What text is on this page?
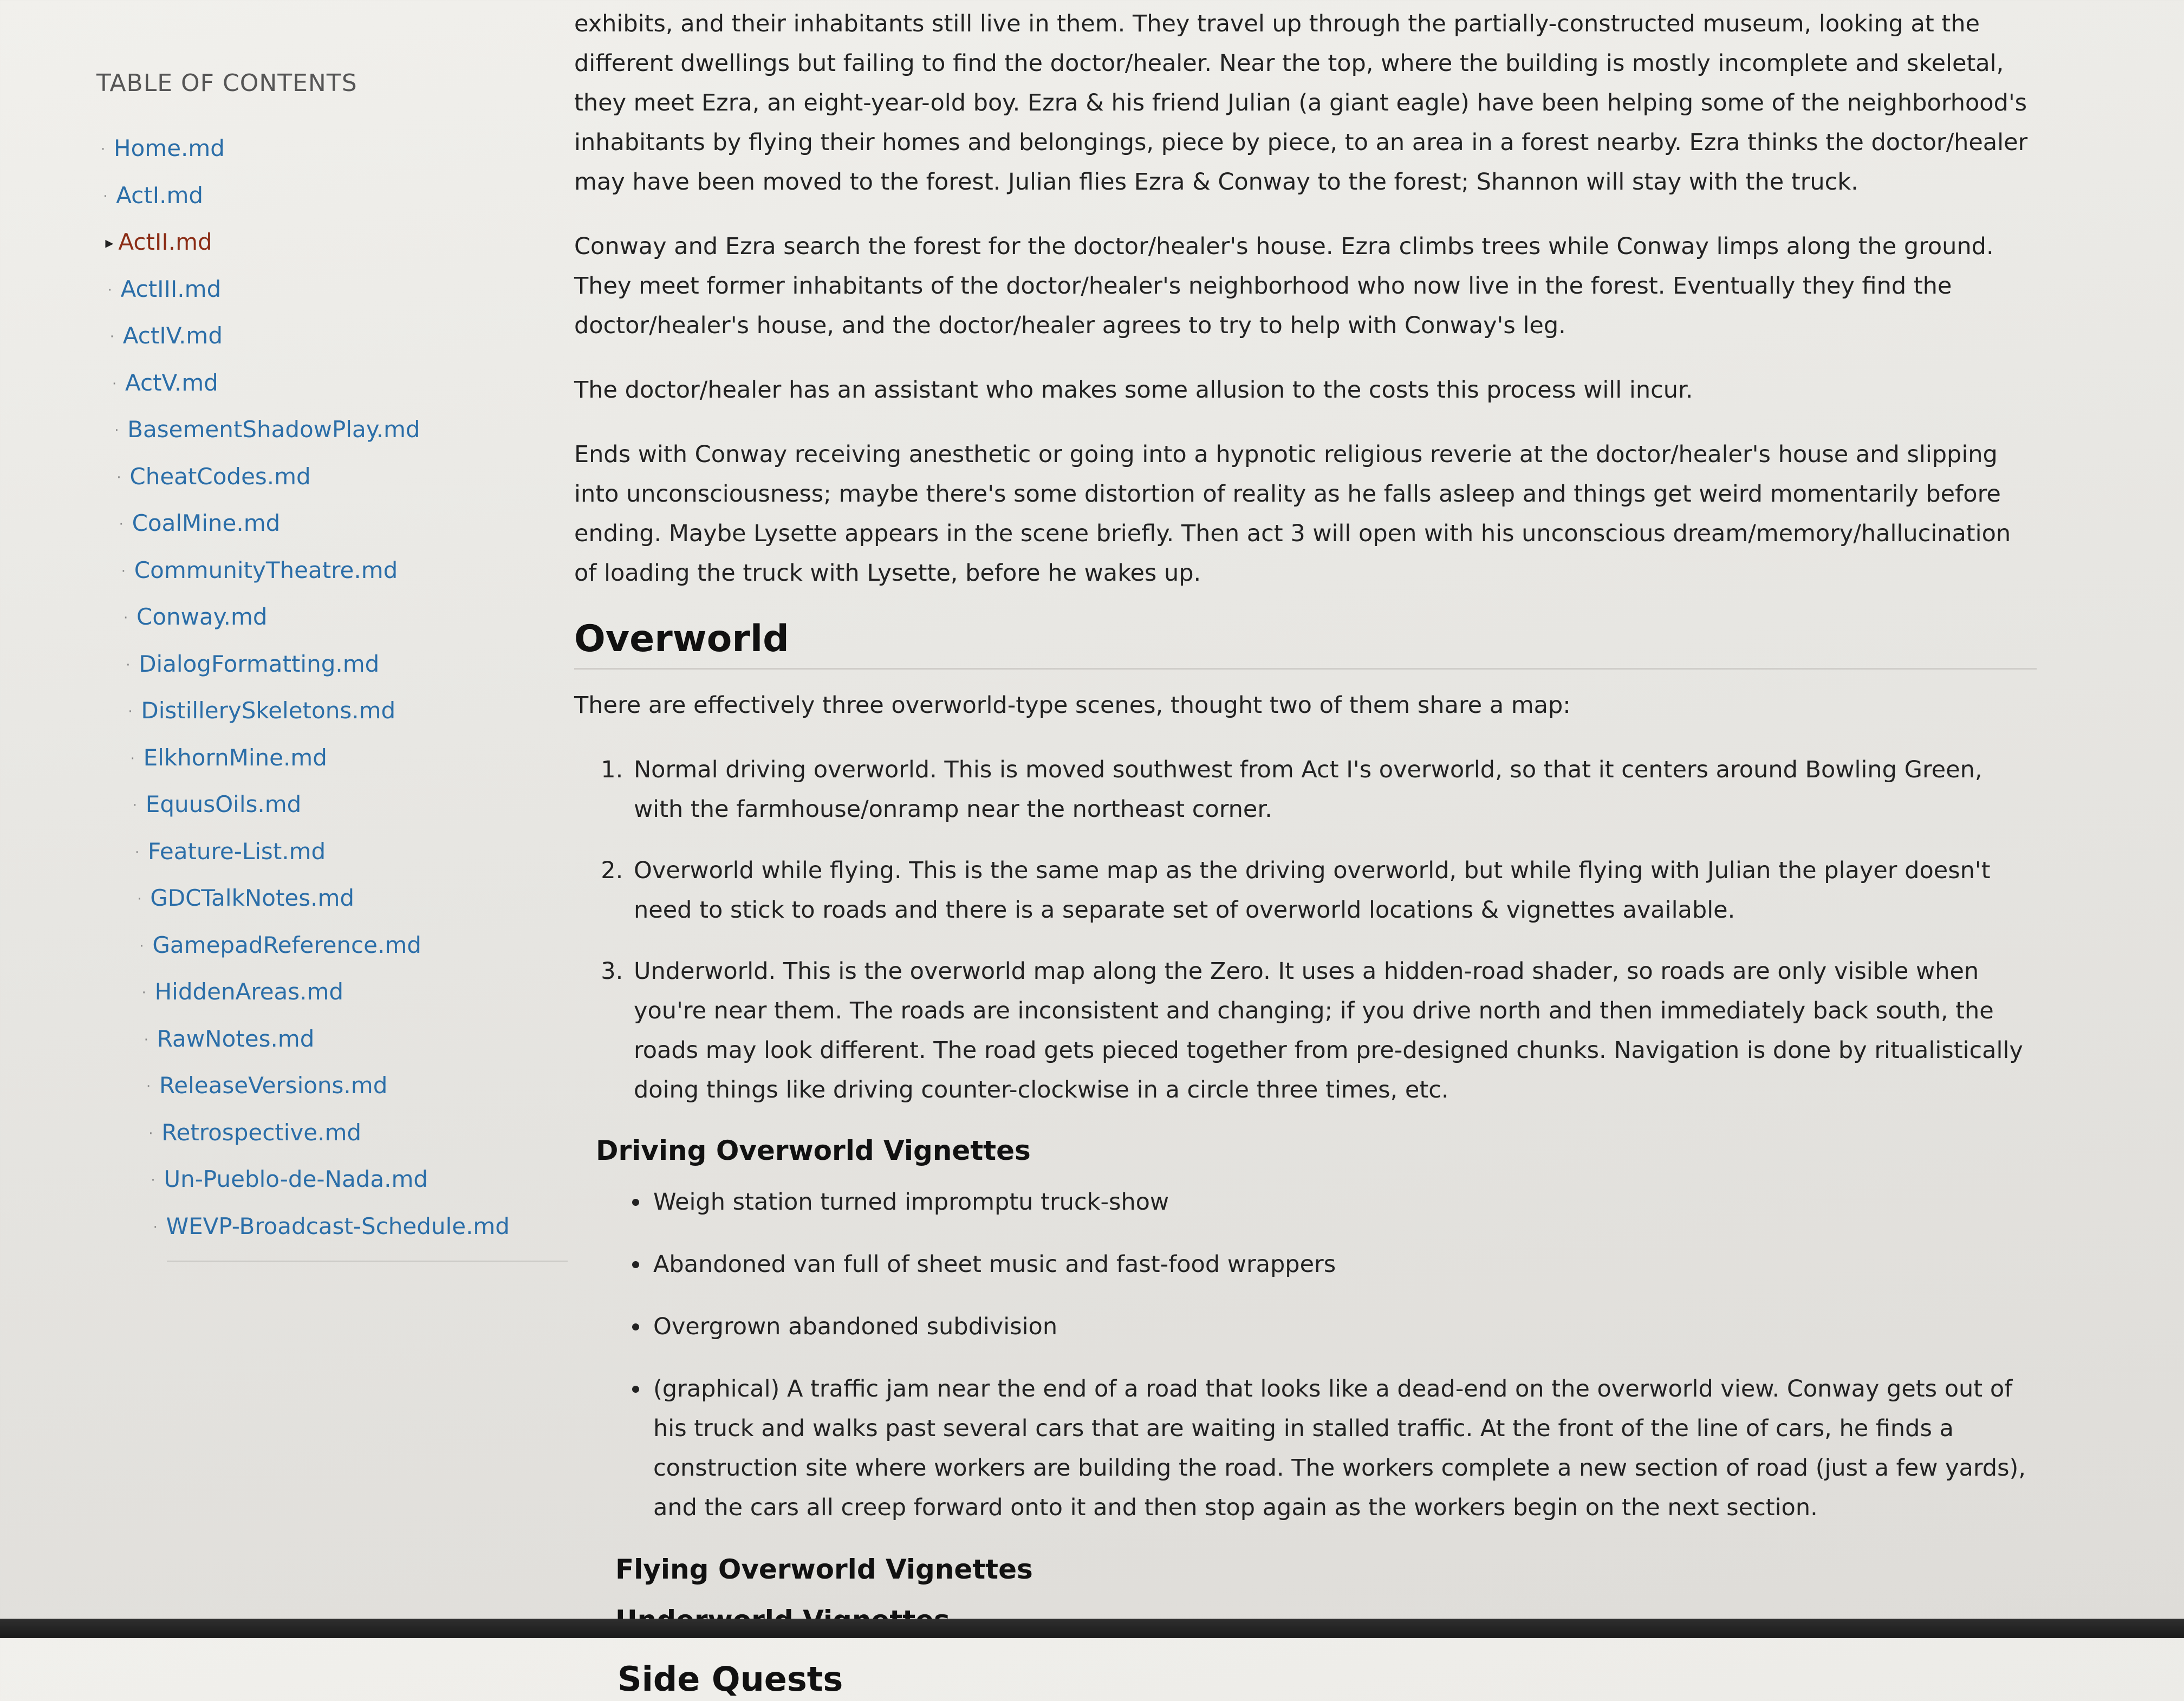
TABLE OF CONTENTS
· Home.md
· ActI.md
▸ ActII.md
· ActIII.md
· ActIV.md
· ActV.md
· BasementShadowPlay.md
· CheatCodes.md
· CoalMine.md
· CommunityTheatre.md
· Conway.md
· DialogFormatting.md
· DistillerySkeletons.md
· ElkhornMine.md
· EquusOils.md
· Feature-List.md
· GDCTalkNotes.md
· GamepadReference.md
· HiddenAreas.md
· RawNotes.md
· ReleaseVersions.md
· Retrospective.md
· Un-Pueblo-de-Nada.md
· WEVP-Broadcast-Schedule.md

exhibits, and their inhabitants still live in them. They travel up through the partially-constructed museum, looking at the different dwellings but failing to find the doctor/healer. Near the top, where the building is mostly incomplete and skeletal, they meet Ezra, an eight-year-old boy. Ezra & his friend Julian (a giant eagle) have been helping some of the neighborhood's inhabitants by flying their homes and belongings, piece by piece, to an area in a forest nearby. Ezra thinks the doctor/healer may have been moved to the forest. Julian flies Ezra & Conway to the forest; Shannon will stay with the truck.

Conway and Ezra search the forest for the doctor/healer's house. Ezra climbs trees while Conway limps along the ground. They meet former inhabitants of the doctor/healer's neighborhood who now live in the forest. Eventually they find the doctor/healer's house, and the doctor/healer agrees to try to help with Conway's leg.

The doctor/healer has an assistant who makes some allusion to the costs this process will incur.

Ends with Conway receiving anesthetic or going into a hypnotic religious reverie at the doctor/healer's house and slipping into unconsciousness; maybe there's some distortion of reality as he falls asleep and things get weird momentarily before ending. Maybe Lysette appears in the scene briefly. Then act 3 will open with his unconscious dream/memory/hallucination of loading the truck with Lysette, before he wakes up.

Overworld

There are effectively three overworld-type scenes, thought two of them share a map:

1. Normal driving overworld. This is moved southwest from Act I's overworld, so that it centers around Bowling Green, with the farmhouse/onramp near the northeast corner.
2. Overworld while flying. This is the same map as the driving overworld, but while flying with Julian the player doesn't need to stick to roads and there is a separate set of overworld locations & vignettes available.
3. Underworld. This is the overworld map along the Zero. It uses a hidden-road shader, so roads are only visible when you're near them. The roads are inconsistent and changing; if you drive north and then immediately back south, the roads may look different. The road gets pieced together from pre-designed chunks. Navigation is done by ritualistically doing things like driving counter-clockwise in a circle three times, etc.
Driving Overworld Vignettes
• Weigh station turned impromptu truck-show
• Abandoned van full of sheet music and fast-food wrappers
• Overgrown abandoned subdivision
• (graphical) A traffic jam near the end of a road that looks like a dead-end on the overworld view. Conway gets out of his truck and walks past several cars that are waiting in stalled traffic. At the front of the line of cars, he finds a construction site where workers are building the road. The workers complete a new section of road (just a few yards), and the cars all creep forward onto it and then stop again as the workers begin on the next section.
Flying Overworld Vignettes
Side Quests
